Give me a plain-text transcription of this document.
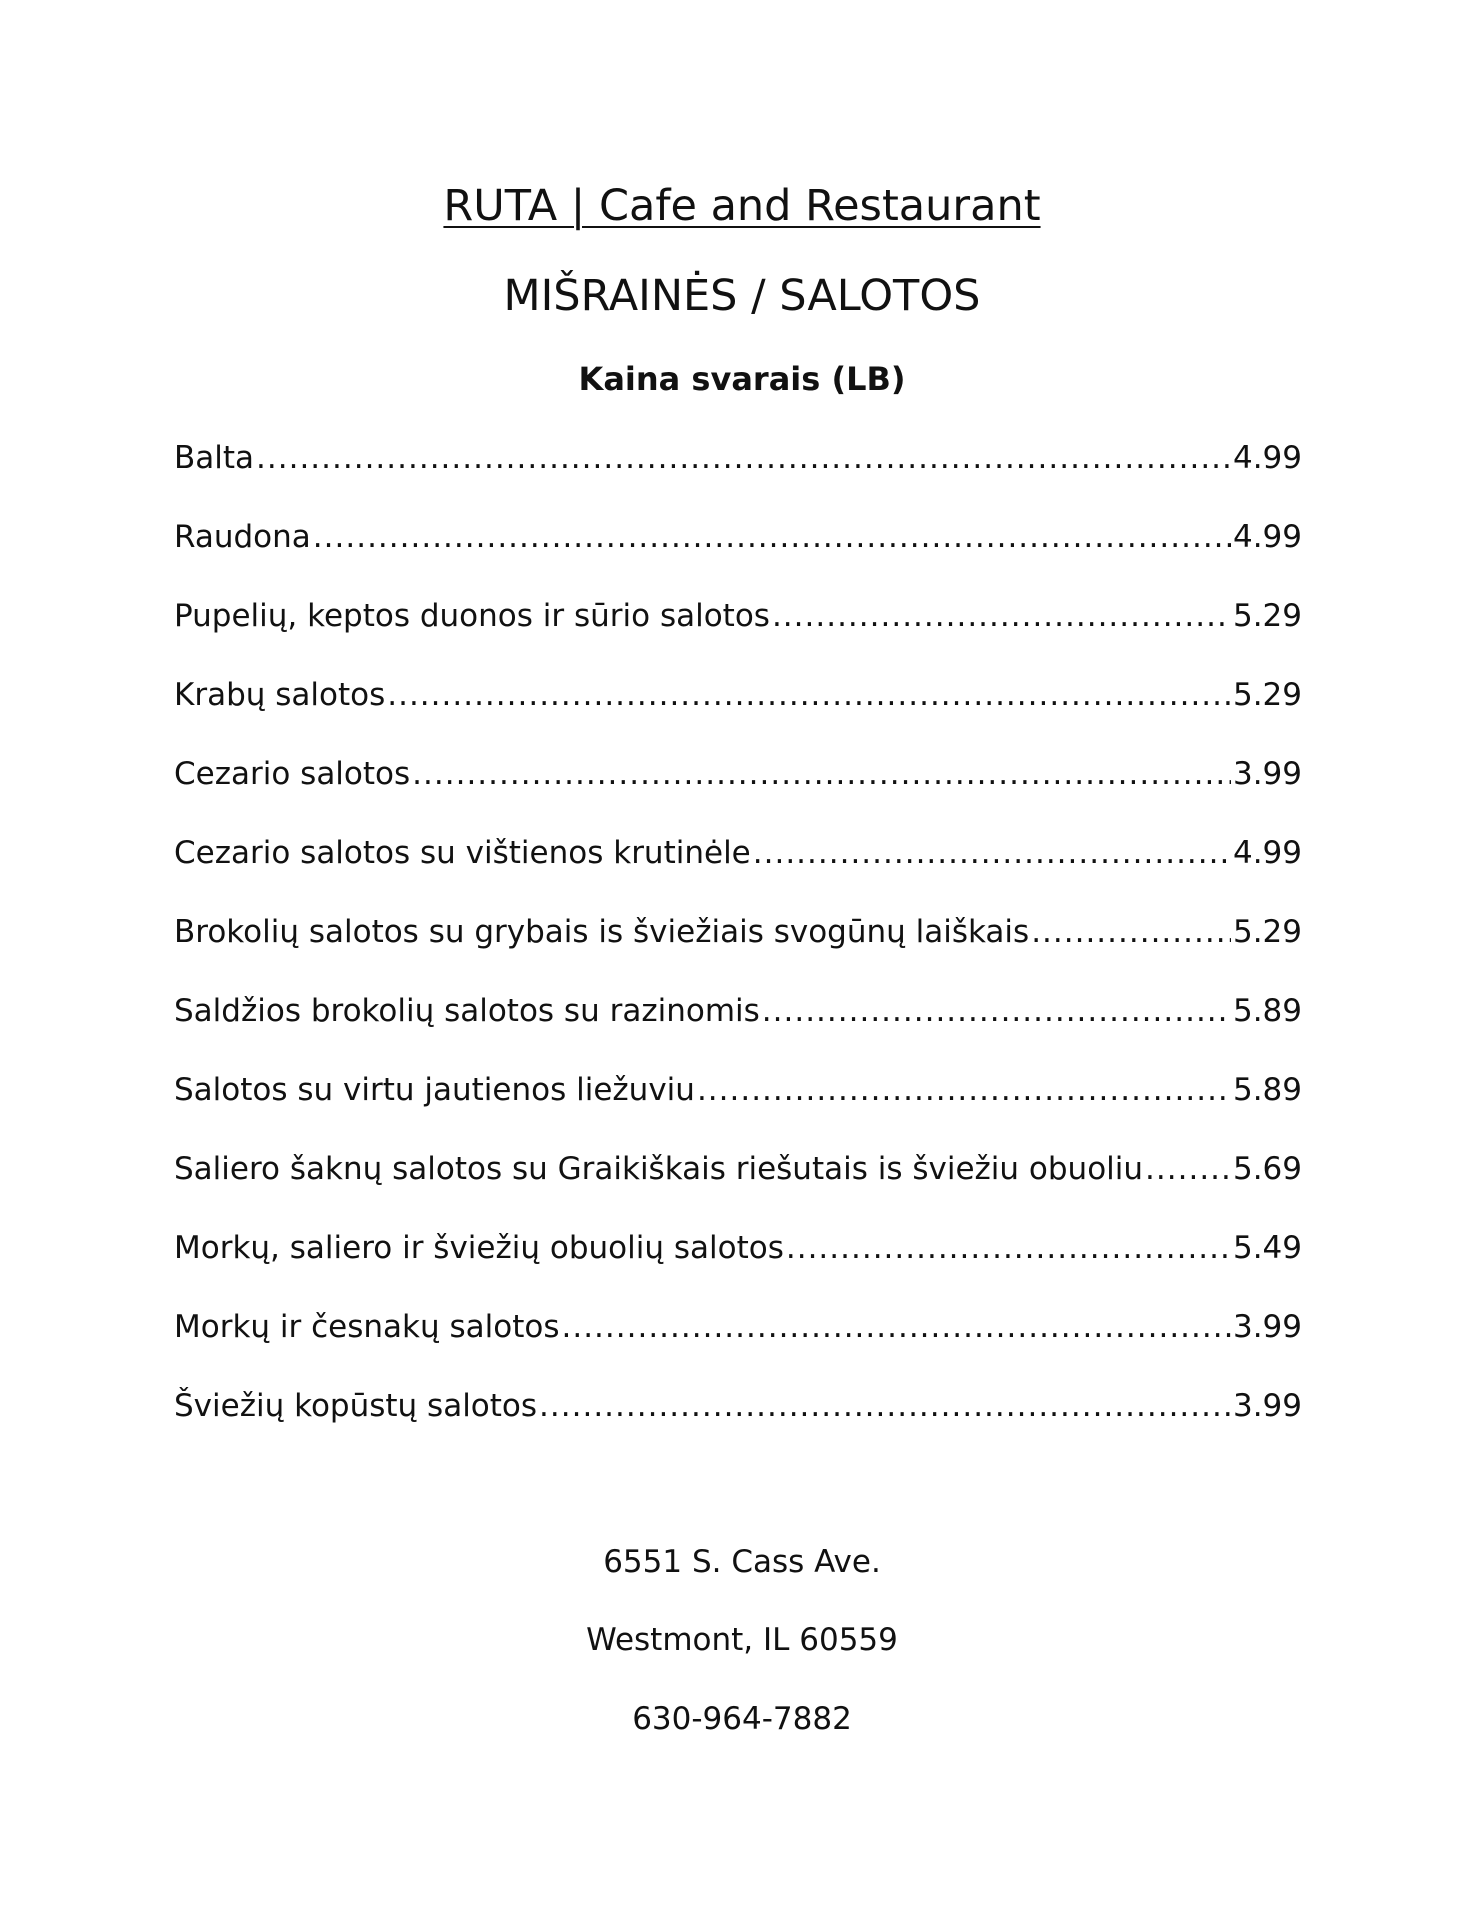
RUTA | Cafe and Restaurant
MIŠRAINĖS / SALOTOS
Kaina svarais (LB)
Balta .....	4.99
Raudona .....	4.99
Pupelių, keptos duonos ir sūrio salotos .....	5.29
Krabų salotos .....	5.29
Cezario salotos .....	3.99
Cezario salotos su vištienos krutinėle .....	4.99
Brokolių salotos su grybais is šviežiais svogūnų laiškais .....	5.29
Saldžios brokolių salotos su razinomis .....	5.89
Salotos su virtu jautienos liežuviu .....	5.89
Saliero šaknų salotos su Graikiškais riešutais is šviežiu obuoliu .....	5.69
Morkų, saliero ir šviežių obuolių salotos .....	5.49
Morkų ir česnakų salotos .....	3.99
Šviežių kopūstų salotos .....	3.99
6551 S. Cass Ave.
Westmont, IL 60559
630-964-7882
